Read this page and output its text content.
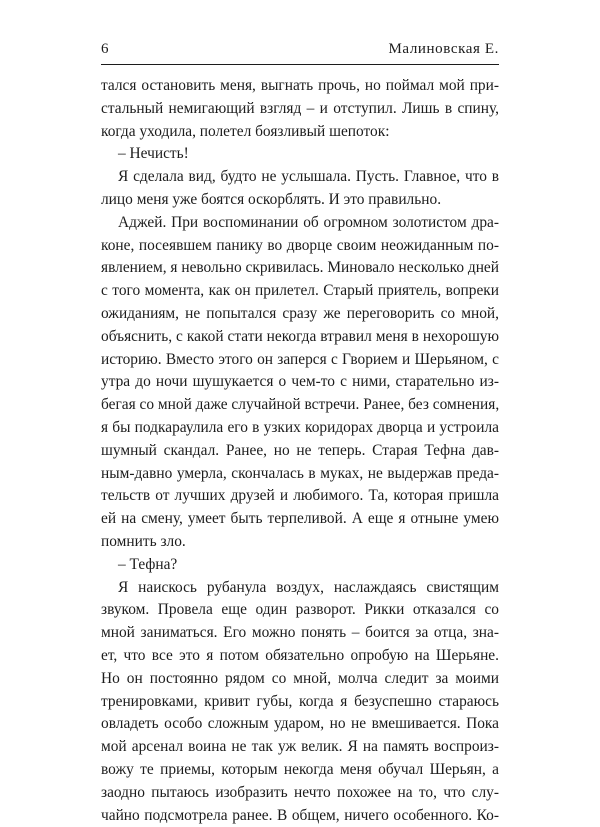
6	Малиновская Е.
тался остановить меня, выгнать прочь, но поймал мой при-
стальный немигающий взгляд – и отступил. Лишь в спину,
когда уходила, полетел боязливый шепоток:
– Нечисть!
Я сделала вид, будто не услышала. Пусть. Главное, что в
лицо меня уже боятся оскорблять. И это правильно.
Аджей. При воспоминании об огромном золотистом дра-
коне, посеявшем панику во дворце своим неожиданным по-
явлением, я невольно скривилась. Миновало несколько дней
с того момента, как он прилетел. Старый приятель, вопреки
ожиданиям, не попытался сразу же переговорить со мной,
объяснить, с какой стати некогда втравил меня в нехорошую
историю. Вместо этого он заперся с Гворием и Шерьяном, с
утра до ночи шушукается о чем-то с ними, старательно из-
бегая со мной даже случайной встречи. Ранее, без сомнения,
я бы подкараулила его в узких коридорах дворца и устроила
шумный скандал. Ранее, но не теперь. Старая Тефна дав-
ным-давно умерла, скончалась в муках, не выдержав преда-
тельств от лучших друзей и любимого. Та, которая пришла
ей на смену, умеет быть терпеливой. А еще я отныне умею
помнить зло.
– Тефна?
Я наискось рубанула воздух, наслаждаясь свистящим
звуком. Провела еще один разворот. Рикки отказался со
мной заниматься. Его можно понять – боится за отца, зна-
ет, что все это я потом обязательно опробую на Шерьяне.
Но он постоянно рядом со мной, молча следит за моими
тренировками, кривит губы, когда я безуспешно стараюсь
овладеть особо сложным ударом, но не вмешивается. Пока
мой арсенал воина не так уж велик. Я на память воспроиз-
вожу те приемы, которым некогда меня обучал Шерьян, а
заодно пытаюсь изобразить нечто похожее на то, что слу-
чайно подсмотрела ранее. В общем, ничего особенного. Ко-
